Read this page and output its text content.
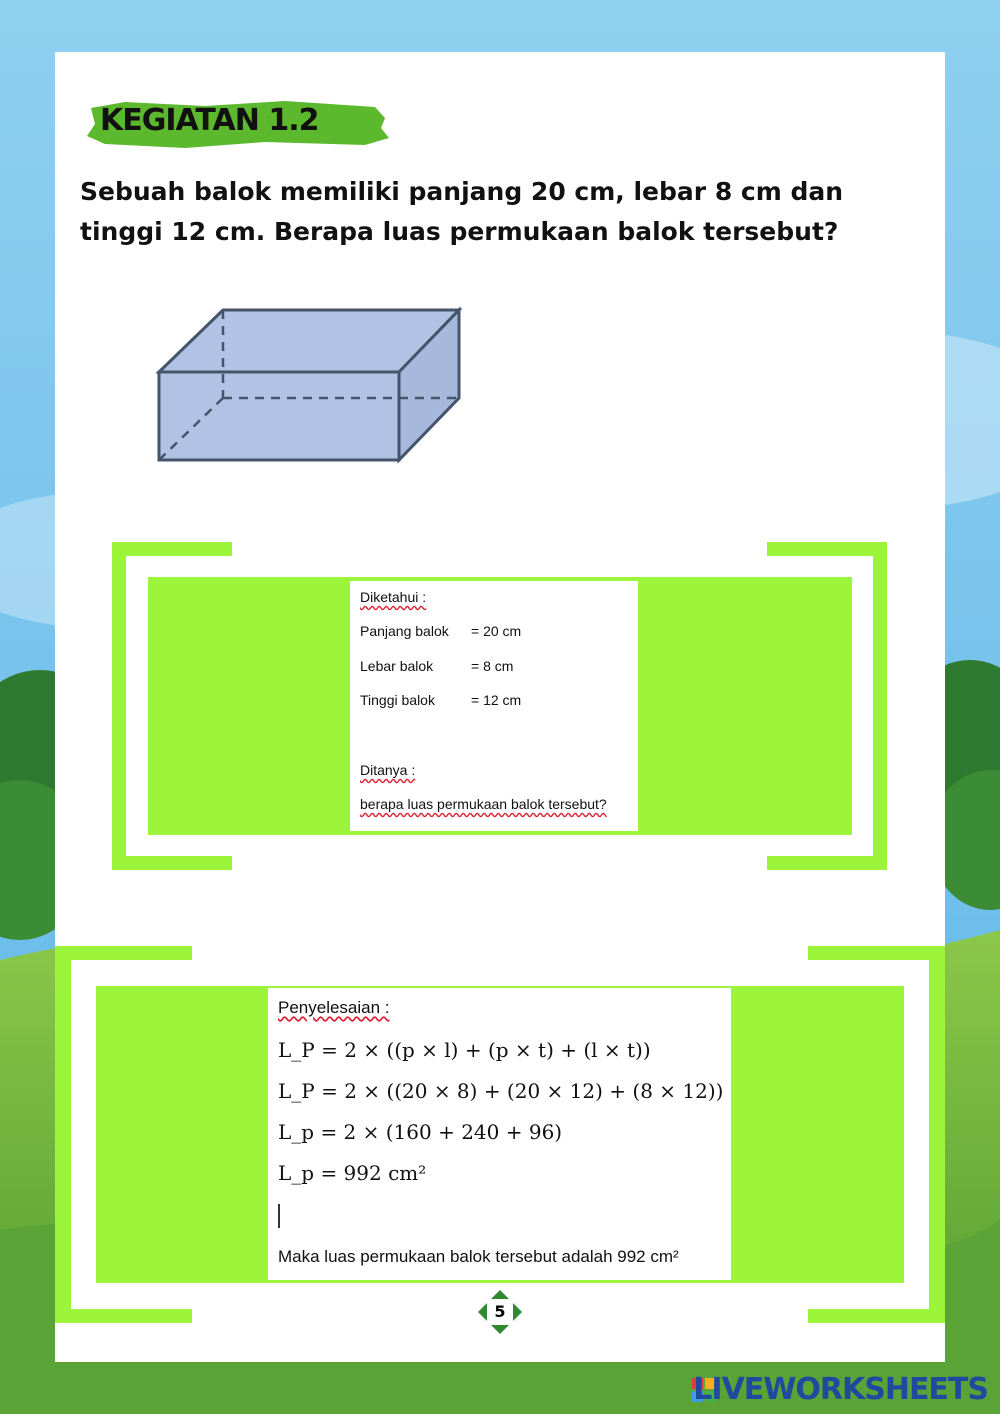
KEGIATAN 1.2
Sebuah balok memiliki panjang 20 cm, lebar 8 cm dan tinggi 12 cm. Berapa luas permukaan balok tersebut?
Diketahui :
Panjang balok = 20 cm
Lebar balok	= 8 cm
Tinggi balok	= 12 cm
Ditanya :
berapa luas permukaan balok tersebut?
Penyelesaian :
L_P = 2 × ((p × l) + (p × t) + (l × t))
L_P = 2 × ((20 × 8) + (20 × 12) + (8 × 12))
L_p = 2 × (160 + 240 + 96)
L_p = 992 cm²
Maka luas permukaan balok tersebut adalah 992 cm²
5
LIVEWORKSHEETS
